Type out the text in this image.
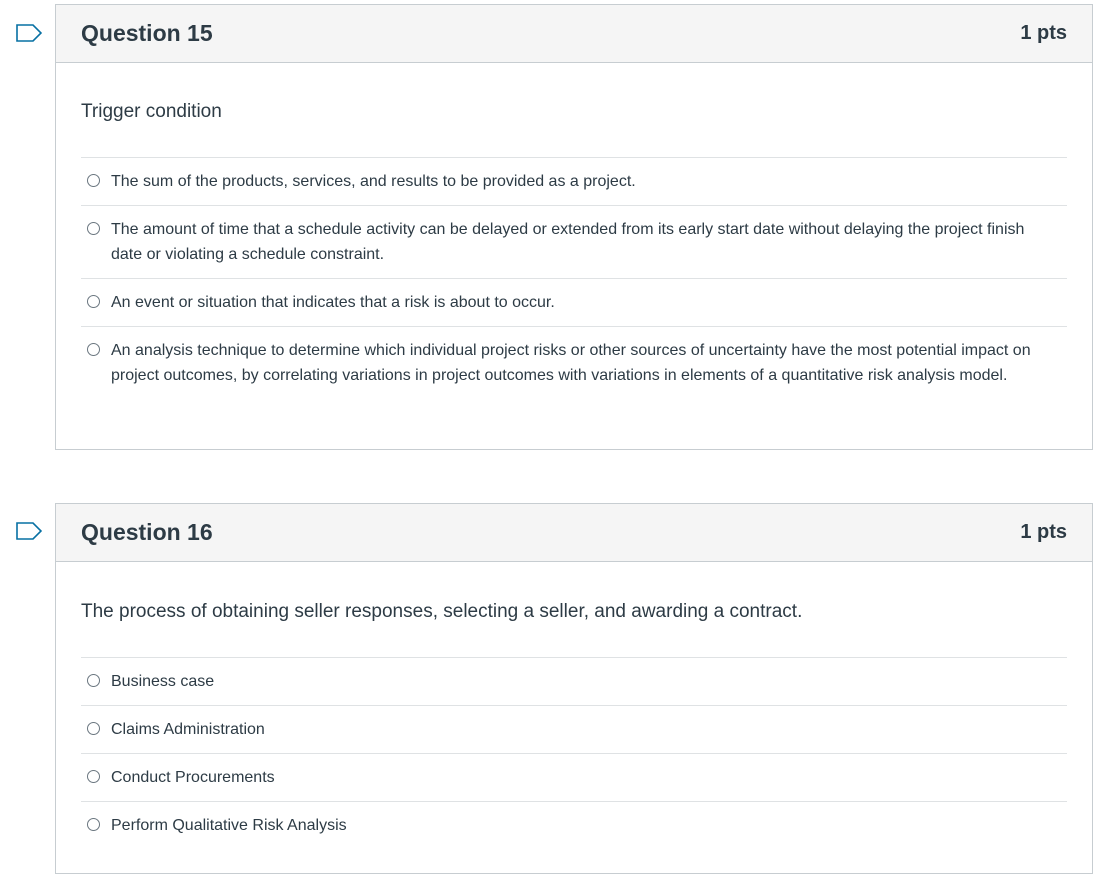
Question 15	1 pts
Trigger condition
The sum of the products, services, and results to be provided as a project.
The amount of time that a schedule activity can be delayed or extended from its early start date without delaying the project finish date or violating a schedule constraint.
An event or situation that indicates that a risk is about to occur.
An analysis technique to determine which individual project risks or other sources of uncertainty have the most potential impact on project outcomes, by correlating variations in project outcomes with variations in elements of a quantitative risk analysis model.
Question 16	1 pts
The process of obtaining seller responses, selecting a seller, and awarding a contract.
Business case
Claims Administration
Conduct Procurements
Perform Qualitative Risk Analysis
